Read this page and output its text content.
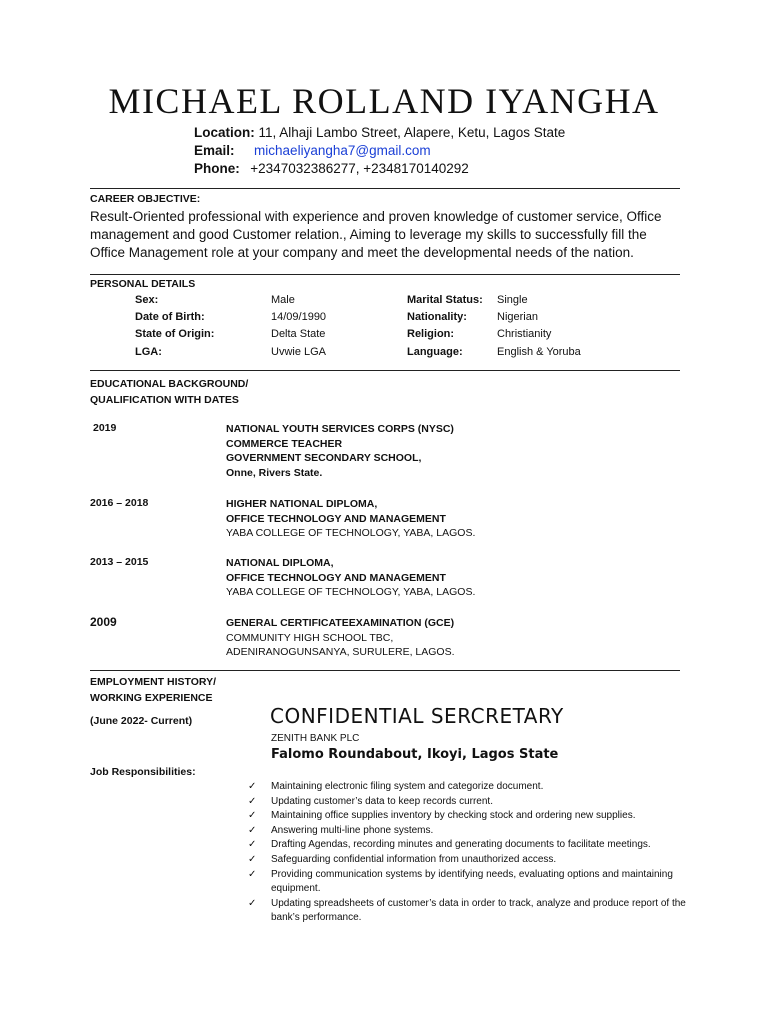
MICHAEL ROLLAND IYANGHA
Location: 11, Alhaji Lambo Street, Alapere, Ketu, Lagos State
Email: michaeliyangha7@gmail.com
Phone: +2347032386277, +2348170140292
CAREER OBJECTIVE:
Result-Oriented professional with experience and proven knowledge of customer service, Office management and good Customer relation., Aiming to leverage my skills to successfully fill the Office Management role at your company and meet the developmental needs of the nation.
PERSONAL DETAILS
Sex:	Male	Marital Status: Single
Date of Birth:	14/09/1990	Nationality:	Nigerian
State of Origin:	Delta State	Religion:	Christianity
LGA:	Uvwie LGA	Language:	English & Yoruba
EDUCATIONAL BACKGROUND/
QUALIFICATION WITH DATES
2019	NATIONAL YOUTH SERVICES CORPS (NYSC)
COMMERCE TEACHER
GOVERNMENT SECONDARY SCHOOL,
Onne, Rivers State.
2016 – 2018	HIGHER NATIONAL DIPLOMA,
OFFICE TECHNOLOGY AND MANAGEMENT
YABA COLLEGE OF TECHNOLOGY, YABA, LAGOS.
2013 – 2015	NATIONAL DIPLOMA,
OFFICE TECHNOLOGY AND MANAGEMENT
YABA COLLEGE OF TECHNOLOGY, YABA, LAGOS.
2009	GENERAL CERTIFICATEEXAMINATION (GCE)
COMMUNITY HIGH SCHOOL TBC,
ADENIRANOGUNSANYA, SURULERE, LAGOS.
EMPLOYMENT HISTORY/
WORKING EXPERIENCE
(June 2022- Current)	CONFIDENTIAL SERCRETARY
ZENITH BANK PLC
Falomo Roundabout, Ikoyi, Lagos State
Job Responsibilities:
✓ Maintaining electronic filing system and categorize document.
✓ Updating customer’s data to keep records current.
✓ Maintaining office supplies inventory by checking stock and ordering new supplies.
✓ Answering multi-line phone systems.
✓ Drafting Agendas, recording minutes and generating documents to facilitate meetings.
✓ Safeguarding confidential information from unauthorized access.
✓ Providing communication systems by identifying needs, evaluating options and maintaining equipment.
✓ Updating spreadsheets of customer’s data in order to track, analyze and produce report of the bank’s performance.
